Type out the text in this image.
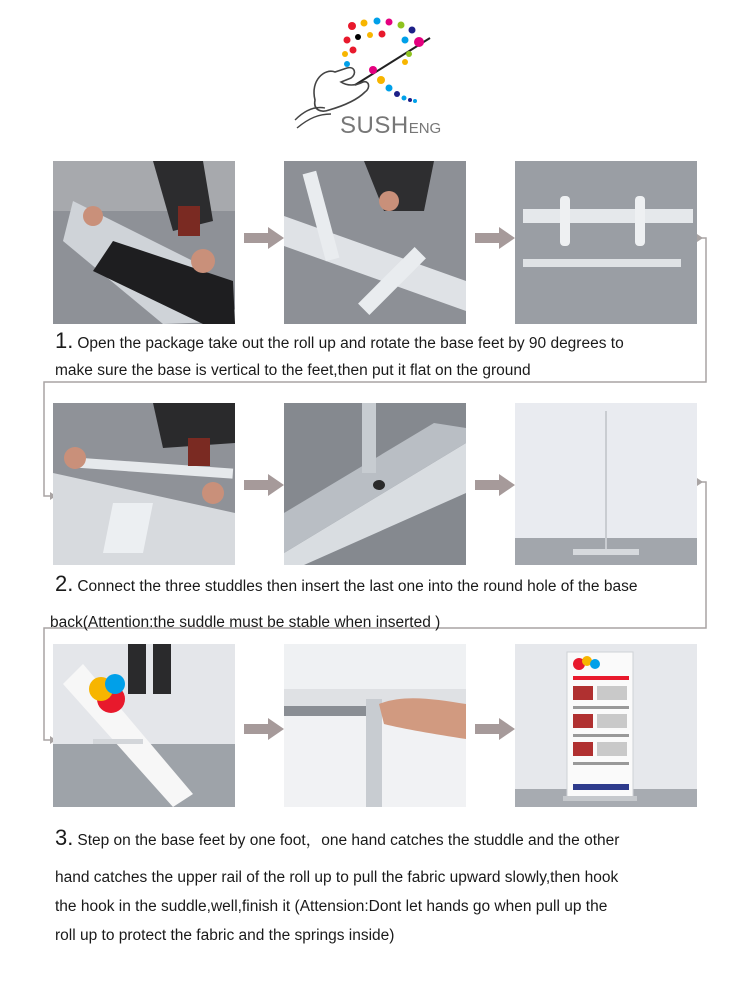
SUSHENG
1. Open the package take out the roll up and rotate the base feet by 90 degrees to
make sure the base is vertical to the feet,then put it flat on the ground
2. Connect the three studdles then insert the last one into the round hole of the base
back(Attention:the suddle must be stable when inserted )
3. Step on the base feet by one foot，one hand catches the studdle and the other
hand catches the upper rail of the roll up to pull the fabric upward slowly,then hook
the hook in the suddle,well,finish it (Attension:Dont let hands go when pull up the
roll up to protect the fabric and the springs inside)
